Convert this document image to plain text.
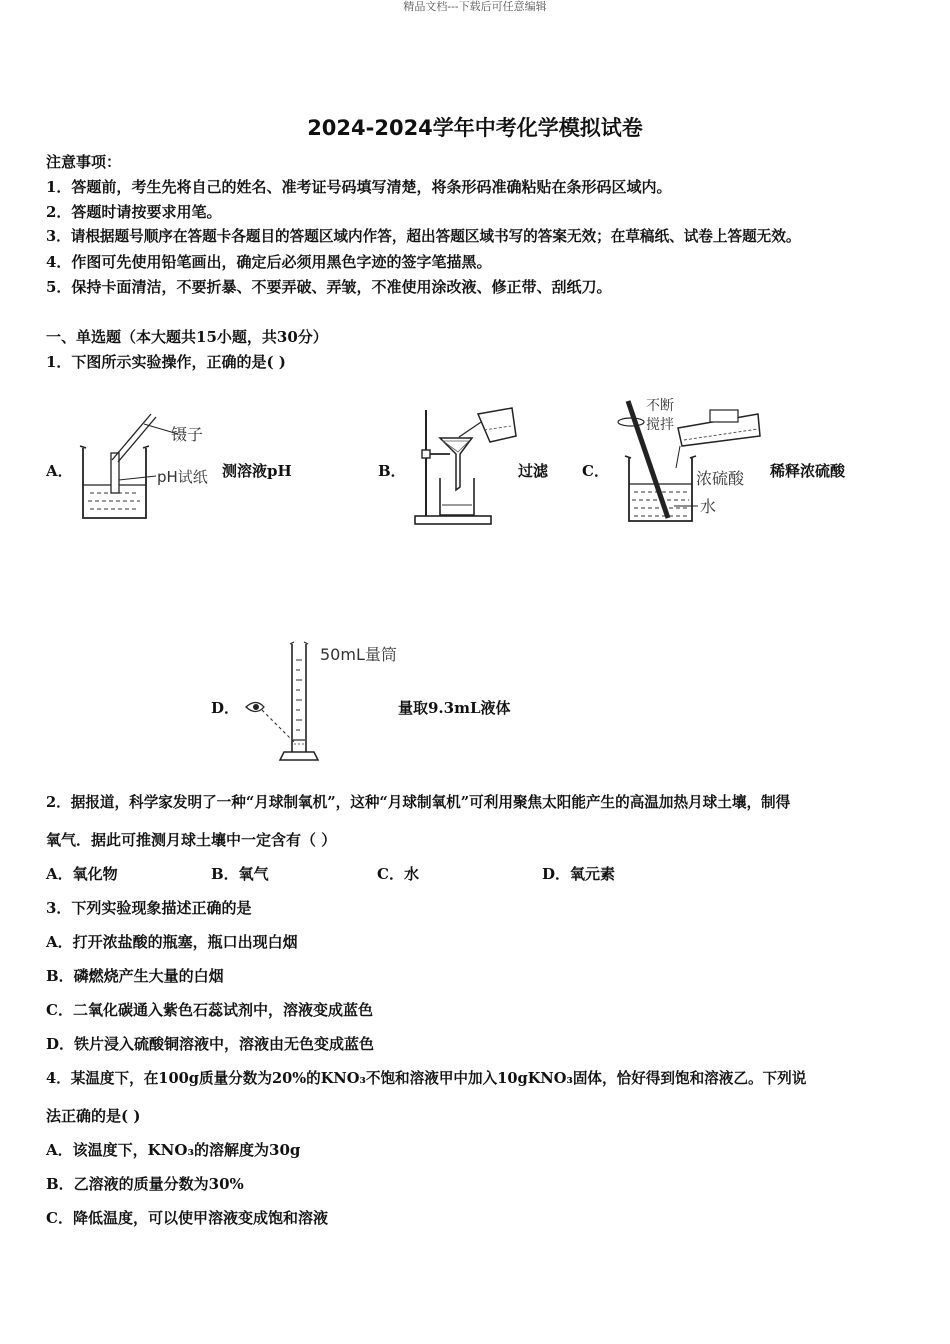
精品文档---下载后可任意编辑
2024-2024学年中考化学模拟试卷
注意事项：
1．答题前，考生先将自己的姓名、准考证号码填写清楚，将条形码准确粘贴在条形码区域内。
2．答题时请按要求用笔。
3．请根据题号顺序在答题卡各题目的答题区域内作答，超出答题区域书写的答案无效；在草稿纸、试卷上答题无效。
4．作图可先使用铅笔画出，确定后必须用黑色字迹的签字笔描黑。
5．保持卡面清洁，不要折暴、不要弄破、弄皱，不准使用涂改液、修正带、刮纸刀。
一、单选题（本大题共15小题，共30分）
1．下图所示实验操作，正确的是( )
A．
镊子
pH试纸 测溶液pH	B．	过滤 C．
不断
搅拌
浓硫酸
水
稀释浓硫酸
D．
50mL量筒
量取9.3mL液体
2．据报道，科学家发明了一种“月球制氧机”，这种“月球制氧机”可利用聚焦太阳能产生的高温加热月球土壤，制得
氧气．据此可推测月球土壤中一定含有（ ）
A．氧化物	B．氧气	C．水	D．氧元素
3．下列实验现象描述正确的是
A．打开浓盐酸的瓶塞，瓶口出现白烟
B．磷燃烧产生大量的白烟
C．二氧化碳通入紫色石蕊试剂中，溶液变成蓝色
D．铁片浸入硫酸铜溶液中，溶液由无色变成蓝色
4．某温度下，在100g质量分数为20%的KNO₃不饱和溶液甲中加入10gKNO₃固体，恰好得到饱和溶液乙。下列说
法正确的是( )
A．该温度下，KNO₃的溶解度为30g
B．乙溶液的质量分数为30%
C．降低温度，可以使甲溶液变成饱和溶液
